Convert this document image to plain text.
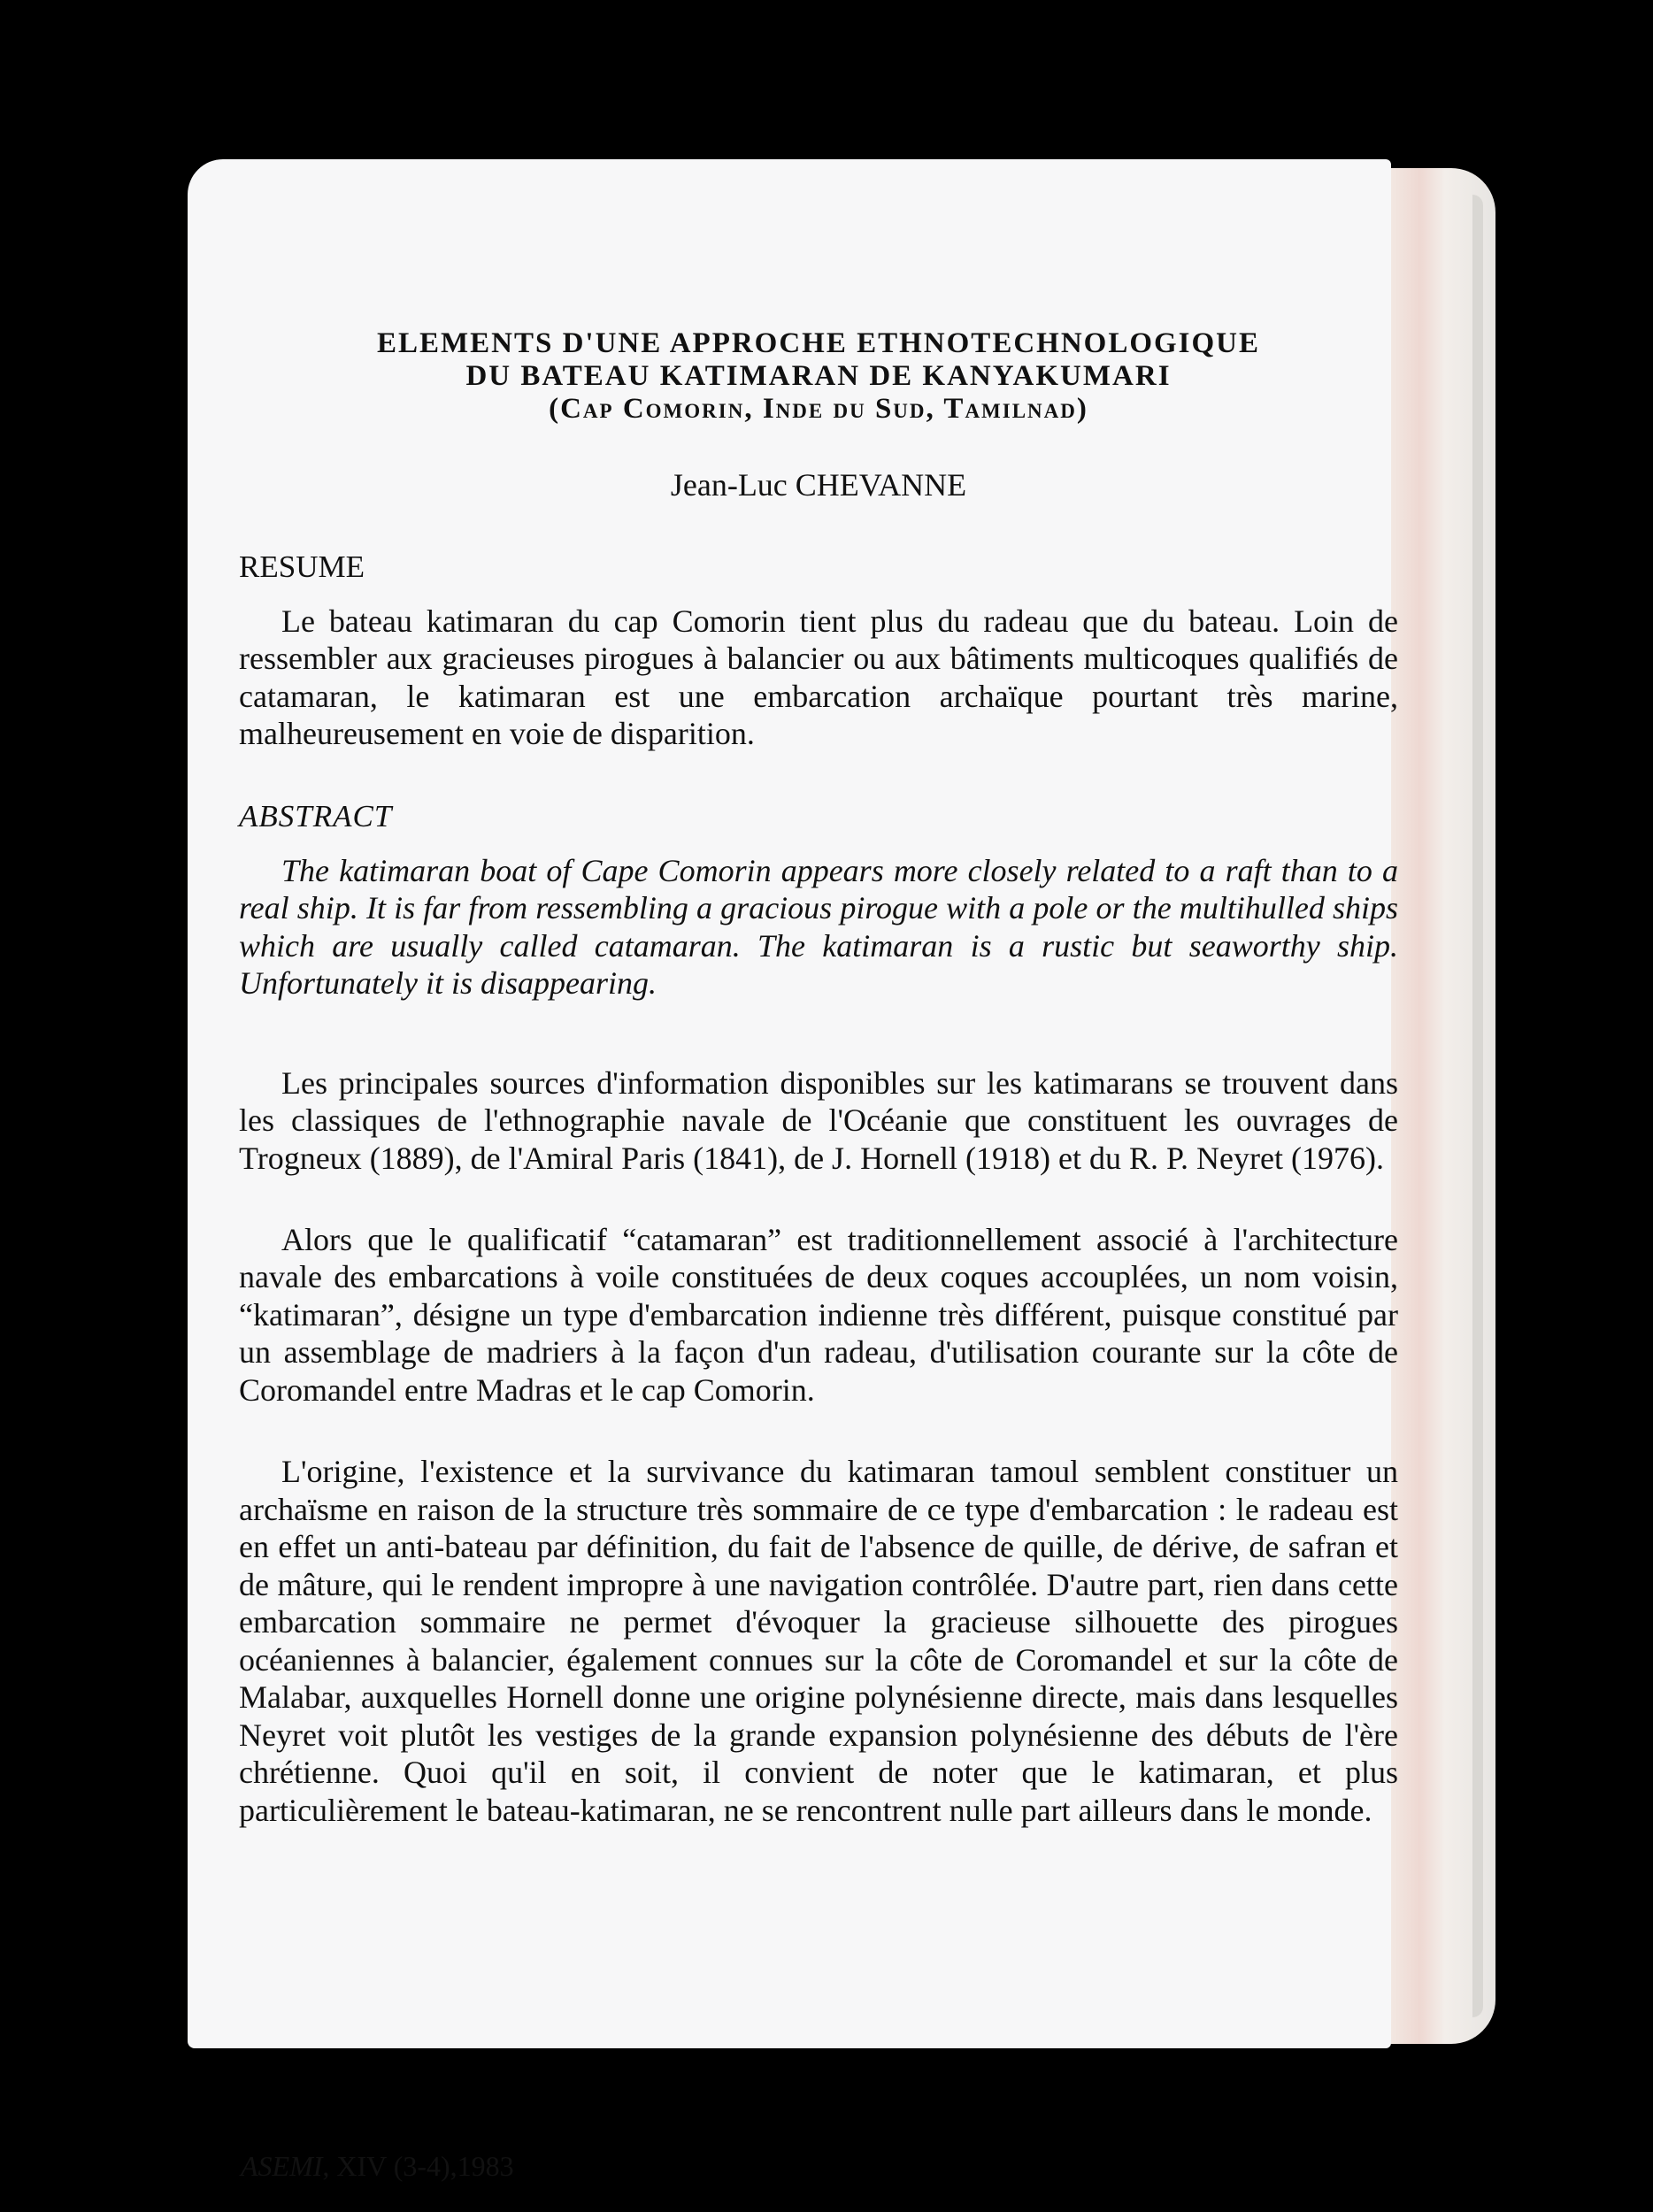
ELEMENTS D'UNE APPROCHE ETHNOTECHNOLOGIQUE
DU BATEAU KATIMARAN DE KANYAKUMARI
(Cap Comorin, Inde du Sud, Tamilnad)
Jean-Luc CHEVANNE
RESUME

Le bateau katimaran du cap Comorin tient plus du radeau que du bateau. Loin de ressembler aux gracieuses pirogues à balancier ou aux bâtiments multicoques qualifiés de catamaran, le katimaran est une embarcation archaïque pourtant très marine, malheureusement en voie de disparition.

ABSTRACT

The katimaran boat of Cape Comorin appears more closely related to a raft than to a real ship. It is far from ressembling a gracious pirogue with a pole or the multihulled ships which are usually called catamaran. The katimaran is a rustic but seaworthy ship. Unfortunately it is disappearing.

Les principales sources d'information disponibles sur les katimarans se trouvent dans les classiques de l'ethnographie navale de l'Océanie que constituent les ouvrages de Trogneux (1889), de l'Amiral Paris (1841), de J. Hornell (1918) et du R. P. Neyret (1976).

Alors que le qualificatif “catamaran” est traditionnellement associé à l'architecture navale des embarcations à voile constituées de deux coques accouplées, un nom voisin, “katimaran”, désigne un type d'embarcation indienne très différent, puisque constitué par un assemblage de madriers à la façon d'un radeau, d'utilisation courante sur la côte de Coromandel entre Madras et le cap Comorin.

L'origine, l'existence et la survivance du katimaran tamoul semblent constituer un archaïsme en raison de la structure très sommaire de ce type d'embarcation : le radeau est en effet un anti-bateau par définition, du fait de l'absence de quille, de dérive, de safran et de mâture, qui le rendent impropre à une navigation contrôlée. D'autre part, rien dans cette embarcation sommaire ne permet d'évoquer la gracieuse silhouette des pirogues océaniennes à balancier, également connues sur la côte de Coromandel et sur la côte de Malabar, auxquelles Hornell donne une origine polynésienne directe, mais dans lesquelles Neyret voit plutôt les vestiges de la grande expansion polynésienne des débuts de l'ère chrétienne. Quoi qu'il en soit, il convient de noter que le katimaran, et plus particulièrement le bateau-katimaran, ne se rencontrent nulle part ailleurs dans le monde.

ASEMI, XIV (3-4),1983
